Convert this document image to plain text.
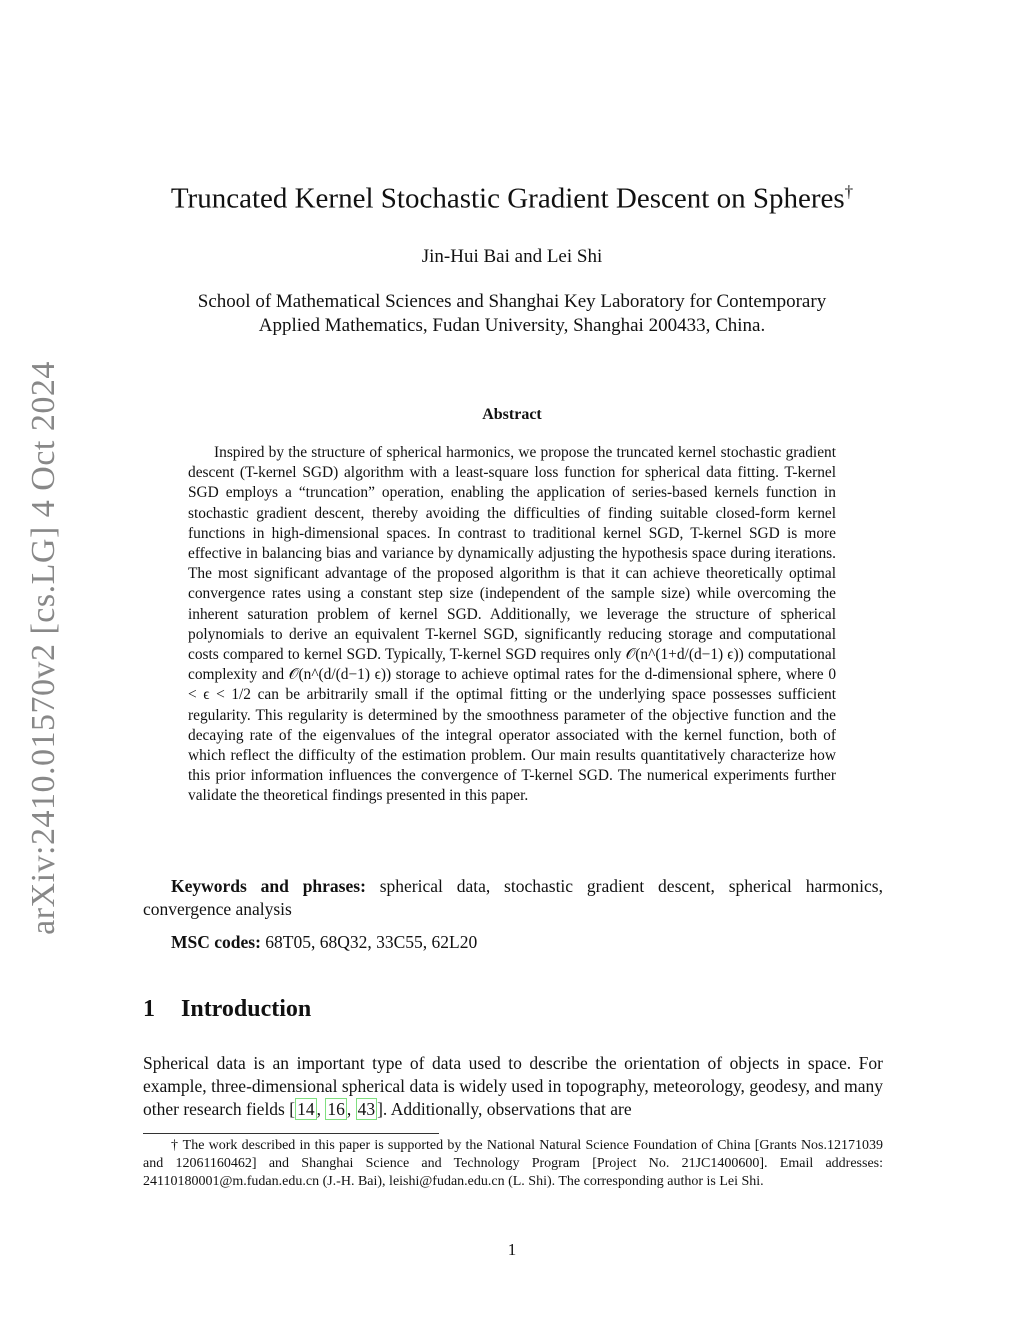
arXiv:2410.01570v2 [cs.LG] 4 Oct 2024
Truncated Kernel Stochastic Gradient Descent on Spheres†
Jin-Hui Bai and Lei Shi
School of Mathematical Sciences and Shanghai Key Laboratory for Contemporary
Applied Mathematics, Fudan University, Shanghai 200433, China.
Abstract
Inspired by the structure of spherical harmonics, we propose the truncated kernel stochastic gradient descent (T-kernel SGD) algorithm with a least-square loss function for spherical data fitting. T-kernel SGD employs a “truncation” operation, enabling the application of series-based kernels function in stochastic gradient descent, thereby avoiding the difficulties of finding suitable closed-form kernel functions in high-dimensional spaces. In contrast to traditional kernel SGD, T-kernel SGD is more effective in balancing bias and variance by dynamically adjusting the hypothesis space during iterations. The most significant advantage of the proposed algorithm is that it can achieve theoretically optimal convergence rates using a constant step size (independent of the sample size) while overcoming the inherent saturation problem of kernel SGD. Additionally, we leverage the structure of spherical polynomials to derive an equivalent T-kernel SGD, significantly reducing storage and computational costs compared to kernel SGD. Typically, T-kernel SGD requires only 𝒪(n^(1+d/(d−1) ϵ)) computational complexity and 𝒪(n^(d/(d−1) ϵ)) storage to achieve optimal rates for the d-dimensional sphere, where 0 < ϵ < 1/2 can be arbitrarily small if the optimal fitting or the underlying space possesses sufficient regularity. This regularity is determined by the smoothness parameter of the objective function and the decaying rate of the eigenvalues of the integral operator associated with the kernel function, both of which reflect the difficulty of the estimation problem. Our main results quantitatively characterize how this prior information influences the convergence of T-kernel SGD. The numerical experiments further validate the theoretical findings presented in this paper.
Keywords and phrases: spherical data, stochastic gradient descent, spherical harmonics, convergence analysis
MSC codes: 68T05, 68Q32, 33C55, 62L20
1 Introduction
Spherical data is an important type of data used to describe the orientation of objects in space. For example, three-dimensional spherical data is widely used in topography, meteorology, geodesy, and many other research fields [ 14 , 16 , 43 ]. Additionally, observations that are
† The work described in this paper is supported by the National Natural Science Foundation of China [Grants Nos.12171039 and 12061160462] and Shanghai Science and Technology Program [Project No. 21JC1400600]. Email addresses: 24110180001@m.fudan.edu.cn (J.-H. Bai), leishi@fudan.edu.cn (L. Shi). The corresponding author is Lei Shi.
1
